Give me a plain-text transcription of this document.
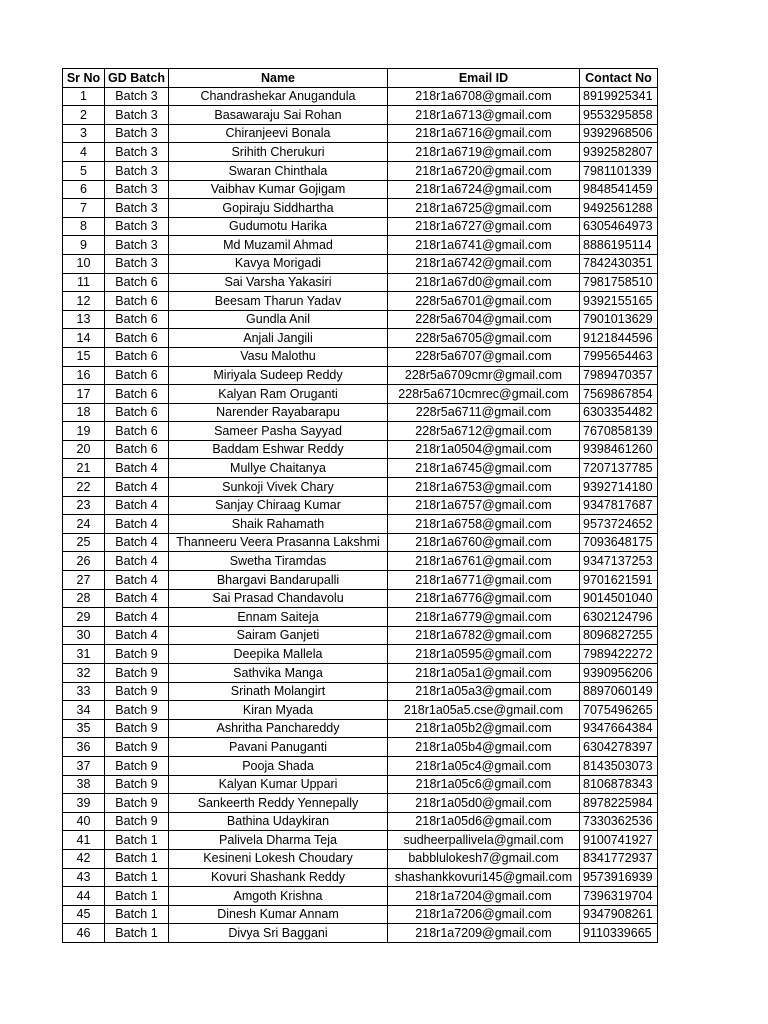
Sr No	GD Batch	Name	Email ID	Contact No
1	Batch 3	Chandrashekar Anugandula	218r1a6708@gmail.com	8919925341
2	Batch 3	Basawaraju Sai Rohan	218r1a6713@gmail.com	9553295858
3	Batch 3	Chiranjeevi Bonala	218r1a6716@gmail.com	9392968506
4	Batch 3	Srihith Cherukuri	218r1a6719@gmail.com	9392582807
5	Batch 3	Swaran Chinthala	218r1a6720@gmail.com	7981101339
6	Batch 3	Vaibhav Kumar Gojigam	218r1a6724@gmail.com	9848541459
7	Batch 3	Gopiraju Siddhartha	218r1a6725@gmail.com	9492561288
8	Batch 3	Gudumotu Harika	218r1a6727@gmail.com	6305464973
9	Batch 3	Md Muzamil Ahmad	218r1a6741@gmail.com	8886195114
10	Batch 3	Kavya Morigadi	218r1a6742@gmail.com	7842430351
11	Batch 6	Sai Varsha Yakasiri	218r1a67d0@gmail.com	7981758510
12	Batch 6	Beesam Tharun Yadav	228r5a6701@gmail.com	9392155165
13	Batch 6	Gundla Anil	228r5a6704@gmail.com	7901013629
14	Batch 6	Anjali Jangili	228r5a6705@gmail.com	9121844596
15	Batch 6	Vasu Malothu	228r5a6707@gmail.com	7995654463
16	Batch 6	Miriyala Sudeep Reddy	228r5a6709cmr@gmail.com	7989470357
17	Batch 6	Kalyan Ram Oruganti	228r5a6710cmrec@gmail.com	7569867854
18	Batch 6	Narender Rayabarapu	228r5a6711@gmail.com	6303354482
19	Batch 6	Sameer Pasha Sayyad	228r5a6712@gmail.com	7670858139
20	Batch 6	Baddam Eshwar Reddy	218r1a0504@gmail.com	9398461260
21	Batch 4	Mullye Chaitanya	218r1a6745@gmail.com	7207137785
22	Batch 4	Sunkoji Vivek Chary	218r1a6753@gmail.com	9392714180
23	Batch 4	Sanjay Chiraag Kumar	218r1a6757@gmail.com	9347817687
24	Batch 4	Shaik Rahamath	218r1a6758@gmail.com	9573724652
25	Batch 4	Thanneeru Veera Prasanna Lakshmi	218r1a6760@gmail.com	7093648175
26	Batch 4	Swetha Tiramdas	218r1a6761@gmail.com	9347137253
27	Batch 4	Bhargavi Bandarupalli	218r1a6771@gmail.com	9701621591
28	Batch 4	Sai Prasad Chandavolu	218r1a6776@gmail.com	9014501040
29	Batch 4	Ennam Saiteja	218r1a6779@gmail.com	6302124796
30	Batch 4	Sairam Ganjeti	218r1a6782@gmail.com	8096827255
31	Batch 9	Deepika Mallela	218r1a0595@gmail.com	7989422272
32	Batch 9	Sathvika Manga	218r1a05a1@gmail.com	9390956206
33	Batch 9	Srinath Molangirt	218r1a05a3@gmail.com	8897060149
34	Batch 9	Kiran Myada	218r1a05a5.cse@gmail.com	7075496265
35	Batch 9	Ashritha Panchareddy	218r1a05b2@gmail.com	9347664384
36	Batch 9	Pavani Panuganti	218r1a05b4@gmail.com	6304278397
37	Batch 9	Pooja Shada	218r1a05c4@gmail.com	8143503073
38	Batch 9	Kalyan Kumar Uppari	218r1a05c6@gmail.com	8106878343
39	Batch 9	Sankeerth Reddy Yennepally	218r1a05d0@gmail.com	8978225984
40	Batch 9	Bathina Udaykiran	218r1a05d6@gmail.com	7330362536
41	Batch 1	Palivela Dharma Teja	sudheerpallivela@gmail.com	9100741927
42	Batch 1	Kesineni Lokesh Choudary	babblulokesh7@gmail.com	8341772937
43	Batch 1	Kovuri Shashank Reddy	shashankkovuri145@gmail.com	9573916939
44	Batch 1	Amgoth Krishna	218r1a7204@gmail.com	7396319704
45	Batch 1	Dinesh Kumar Annam	218r1a7206@gmail.com	9347908261
46	Batch 1	Divya Sri Baggani	218r1a7209@gmail.com	9110339665
